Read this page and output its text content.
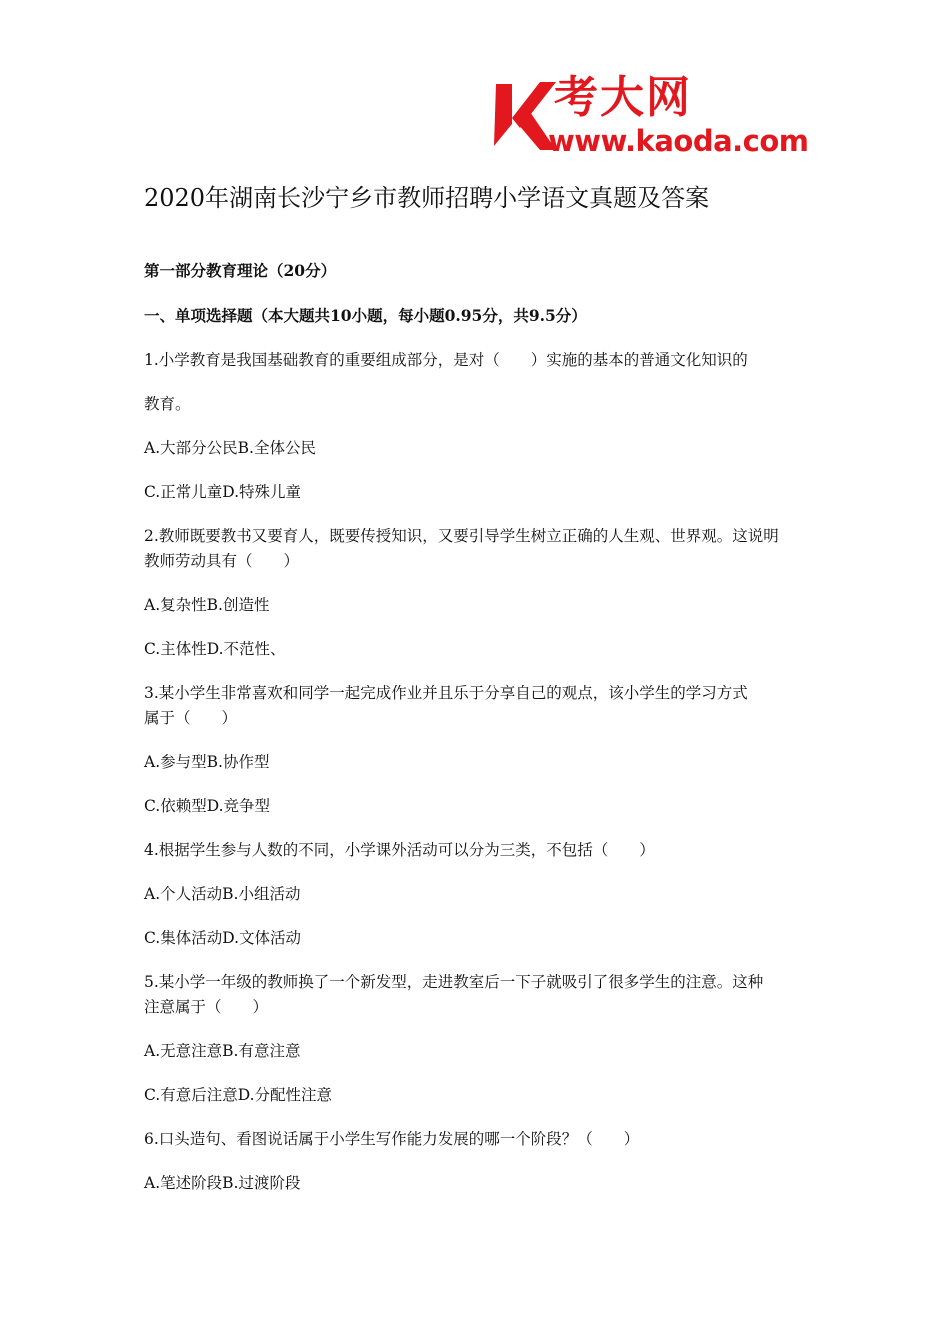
考大网
www.kaoda.com
2020年湖南长沙宁乡市教师招聘小学语文真题及答案
第一部分教育理论（20分）
一、单项选择题（本大题共10小题，每小题0.95分，共9.5分）
1.小学教育是我国基础教育的重要组成部分，是对（　　）实施的基本的普通文化知识的
教育。
A.大部分公民B.全体公民
C.正常儿童D.特殊儿童
2.教师既要教书又要育人，既要传授知识，又要引导学生树立正确的人生观、世界观。这说明
教师劳动具有（　　）
A.复杂性B.创造性
C.主体性D.不范性、
3.某小学生非常喜欢和同学一起完成作业并且乐于分享自己的观点，该小学生的学习方式
属于（　　）
A.参与型B.协作型
C.依赖型D.竞争型
4.根据学生参与人数的不同，小学课外活动可以分为三类，不包括（　　）
A.个人活动B.小组活动
C.集体活动D.文体活动
5.某小学一年级的教师换了一个新发型，走进教室后一下子就吸引了很多学生的注意。这种
注意属于（　　）
A.无意注意B.有意注意
C.有意后注意D.分配性注意
6.口头造句、看图说话属于小学生写作能力发展的哪一个阶段？（　　）
A.笔述阶段B.过渡阶段
